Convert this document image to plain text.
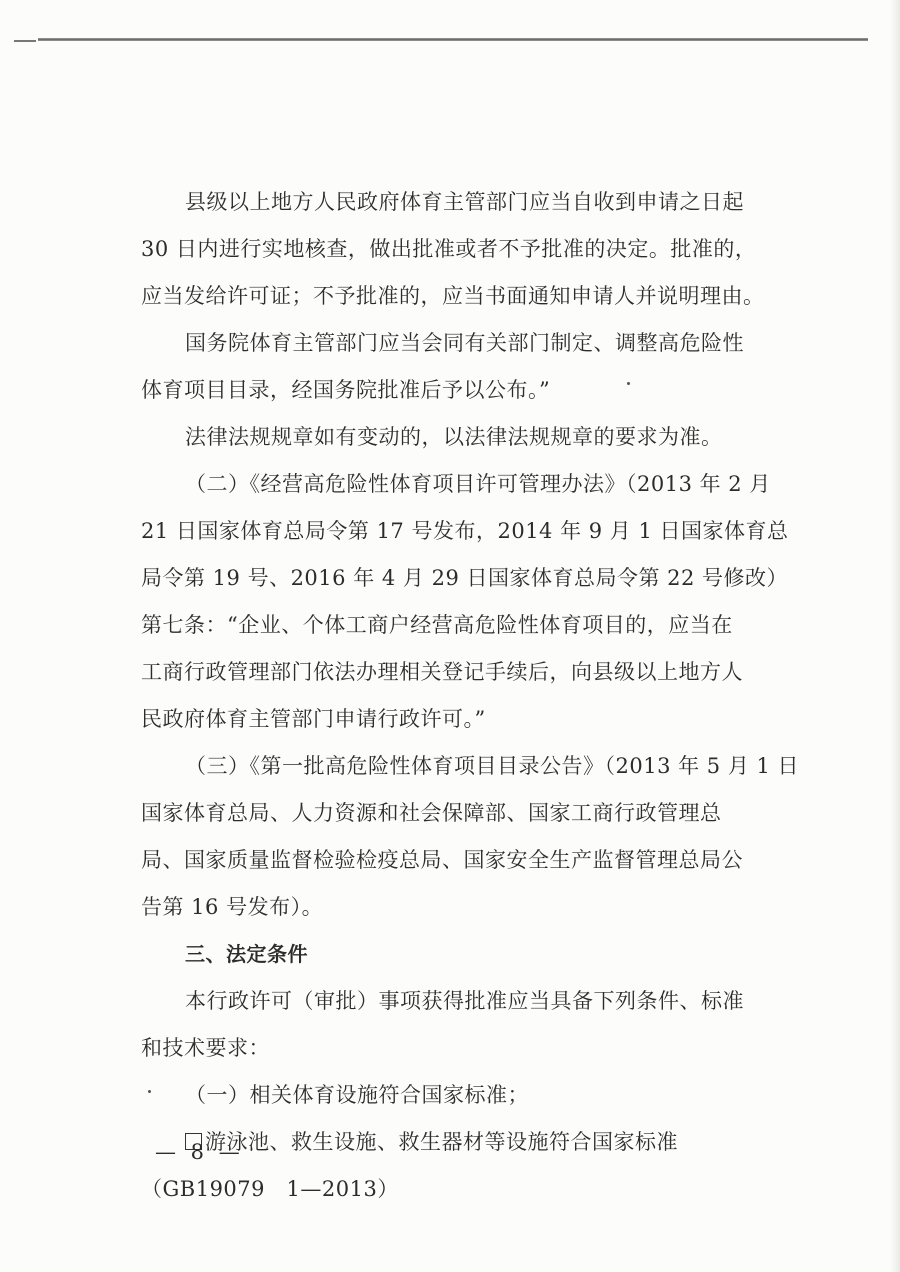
县级以上地方人民政府体育主管部门应当自收到申请之日起
30 日内进行实地核查，做出批准或者不予批准的决定。批准的，
应当发给许可证；不予批准的，应当书面通知申请人并说明理由。
国务院体育主管部门应当会同有关部门制定、调整高危险性
体育项目目录，经国务院批准后予以公布。”
法律法规规章如有变动的，以法律法规规章的要求为准。
（二）《经营高危险性体育项目许可管理办法》（2013 年 2 月
21 日国家体育总局令第 17 号发布，2014 年 9 月 1 日国家体育总
局令第 19 号、2016 年 4 月 29 日国家体育总局令第 22 号修改）
第七条：“企业、个体工商户经营高危险性体育项目的，应当在
工商行政管理部门依法办理相关登记手续后，向县级以上地方人
民政府体育主管部门申请行政许可。”
（三）《第一批高危险性体育项目目录公告》（2013 年 5 月 1 日
国家体育总局、人力资源和社会保障部、国家工商行政管理总
局、国家质量监督检验检疫总局、国家安全生产监督管理总局公
告第 16 号发布）。
三、法定条件
本行政许可（审批）事项获得批准应当具备下列条件、标准
和技术要求：
（一）相关体育设施符合国家标准；
游泳池、救生设施、救生器材等设施符合国家标准
（GB19079　1—2013）
— 8 —
